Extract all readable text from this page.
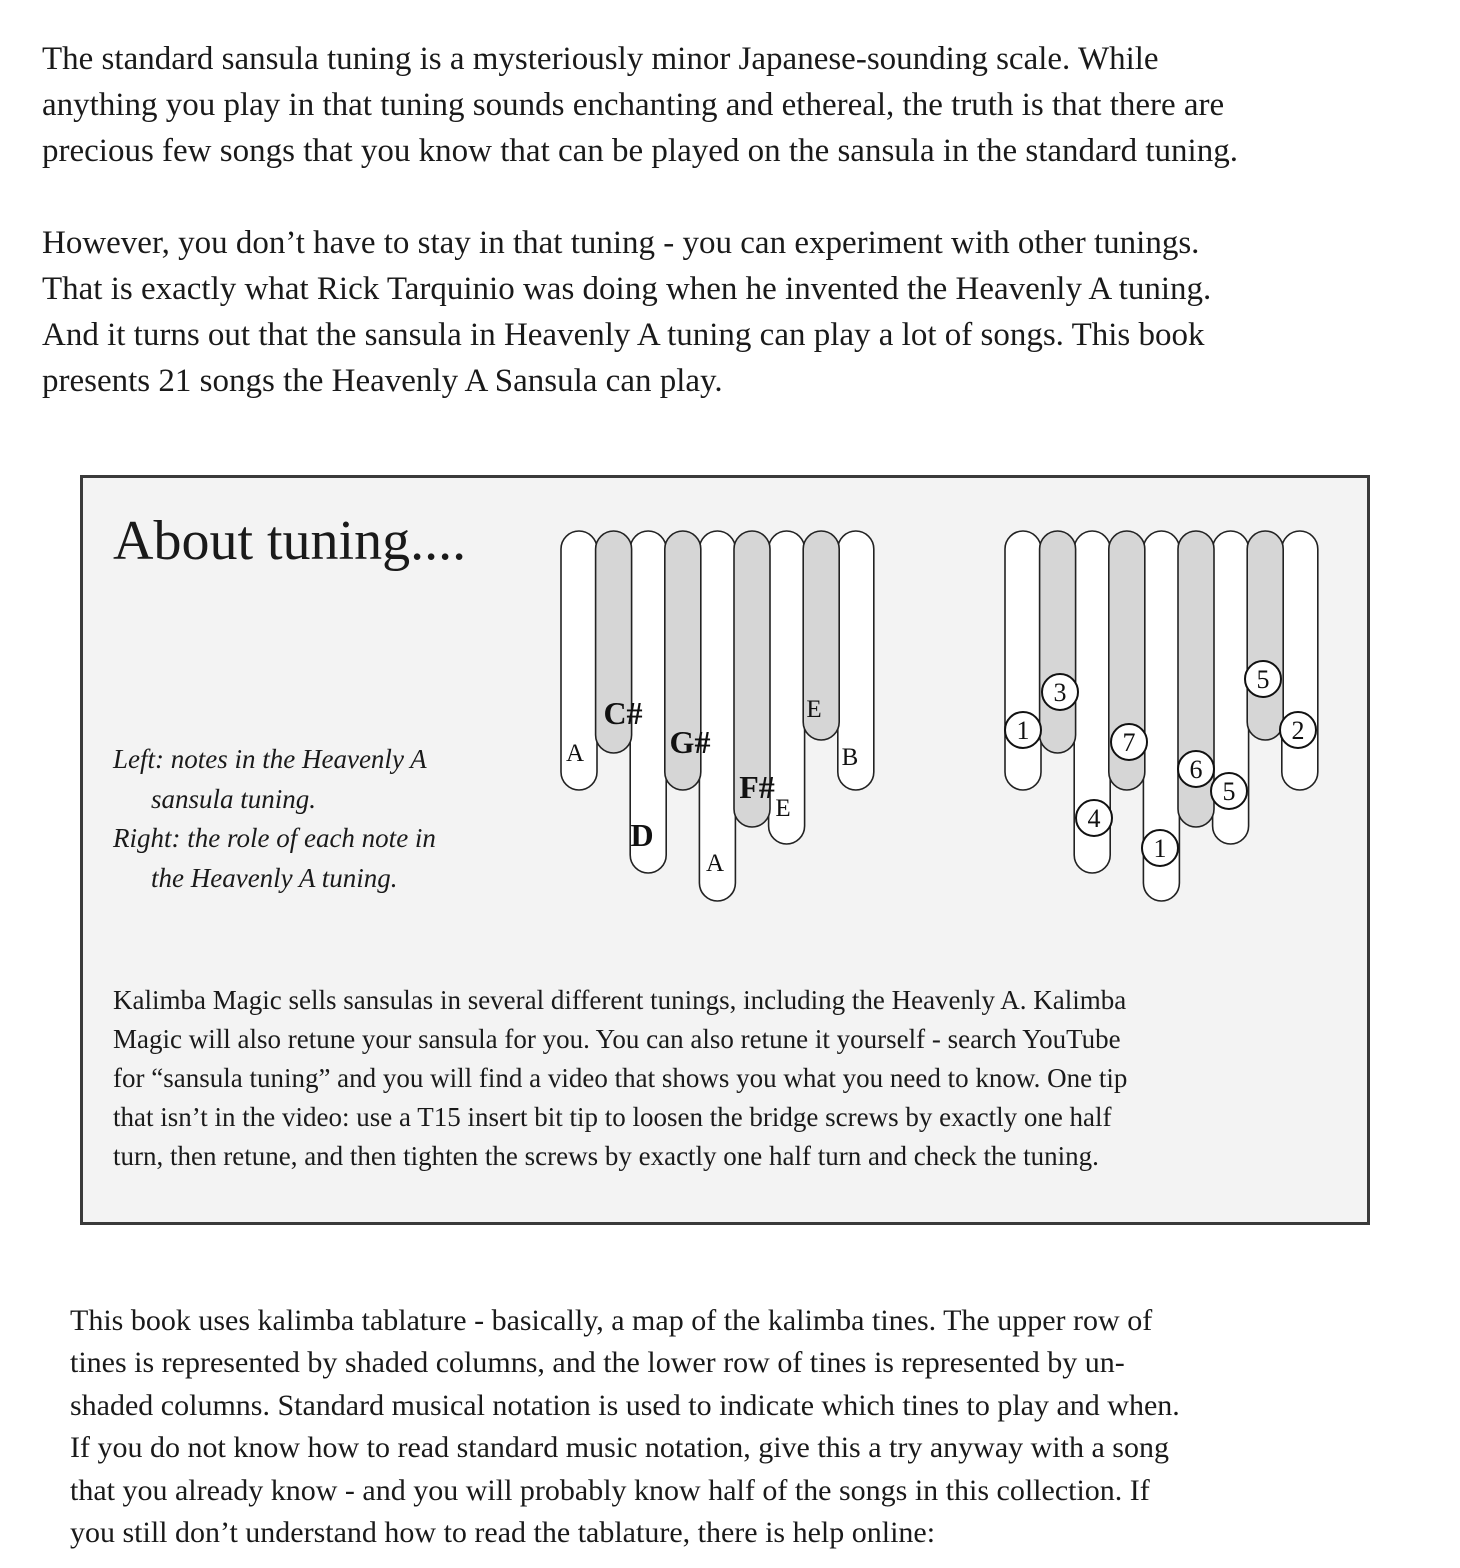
The standard sansula tuning is a mysteriously minor Japanese-sounding scale. While
anything you play in that tuning sounds enchanting and ethereal, the truth is that there are
precious few songs that you know that can be played on the sansula in the standard tuning.

However, you don’t have to stay in that tuning - you can experiment with other tunings.
That is exactly what Rick Tarquinio was doing when he invented the Heavenly A tuning.
And it turns out that the sansula in Heavenly A tuning can play a lot of songs. This book
presents 21 songs the Heavenly A Sansula can play.

About tuning....
Left: notes in the Heavenly A
sansula tuning.
Right: the role of each note in
the Heavenly A tuning.
A
C#
D
G#
A
F#
E
E
B
1
3
4
7
1
6
5
5
2
Kalimba Magic sells sansulas in several different tunings, including the Heavenly A. Kalimba
Magic will also retune your sansula for you. You can also retune it yourself - search YouTube
for “sansula tuning” and you will find a video that shows you what you need to know. One tip
that isn’t in the video: use a T15 insert bit tip to loosen the bridge screws by exactly one half
turn, then retune, and then tighten the screws by exactly one half turn and check the tuning.

This book uses kalimba tablature - basically, a map of the kalimba tines. The upper row of
tines is represented by shaded columns, and the lower row of tines is represented by un-
shaded columns. Standard musical notation is used to indicate which tines to play and when.
If you do not know how to read standard music notation, give this a try anyway with a song
that you already know - and you will probably know half of the songs in this collection. If
you still don’t understand how to read the tablature, there is help online:
